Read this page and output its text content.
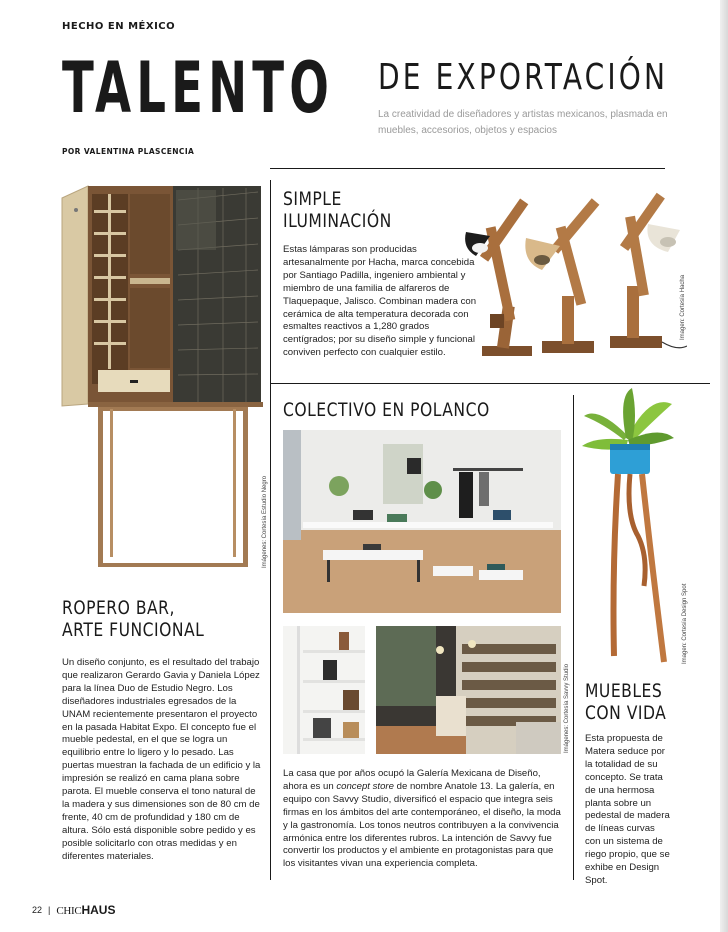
HECHO EN MÉXICO
TALENTO DE EXPORTACIÓN
La creatividad de diseñadores y artistas mexicanos, plasmada en muebles, accesorios, objetos y espacios
POR VALENTINA PLASCENCIA
Imágenes: Cortesía Estudio Negro
SIMPLE
ILUMINACIÓN
Estas lámparas son producidas artesanalmente por Hacha, marca concebida por Santiago Padilla, ingeniero ambiental y miembro de una familia de alfareros de Tlaquepaque, Jalisco. Combinan madera con cerámica de alta temperatura decorada con esmaltes reactivos a 1,280 grados centígrados; por su diseño simple y funcional conviven perfecto con cualquier estilo.
Imagen: Cortesía Hacha
COLECTIVO EN POLANCO
Imágenes: Cortesía Savvy Studio
La casa que por años ocupó la Galería Mexicana de Diseño, ahora es un concept store de nombre Anatole 13. La galería, en equipo con Savvy Studio, diversificó el espacio que integra seis firmas en los ámbitos del arte contemporáneo, el diseño, la moda y la gastronomía. Los tonos neutros contribuyen a la convivencia armónica entre los diferentes rubros. La intención de Savvy fue convertir los productos y el ambiente en protagonistas para que los visitantes vivan una experiencia completa.
ROPERO BAR,
ARTE FUNCIONAL
Un diseño conjunto, es el resultado del trabajo que realizaron Gerardo Gavia y Daniela López para la línea Duo de Estudio Negro. Los diseñadores industriales egresados de la UNAM recientemente presentaron el proyecto en la pasada Habitat Expo. El concepto fue el mueble pedestal, en el que se logra un equilibrio entre lo ligero y lo pesado. Las puertas muestran la fachada de un edificio y la impresión se realizó en cama plana sobre parota. El mueble conserva el tono natural de la madera y sus dimensiones son de 80 cm de frente, 40 cm de profundidad y 180 cm de altura. Sólo está disponible sobre pedido y es posible solicitarlo con otras medidas y en diferentes materiales.
Imagen: Cortesía Design Spot
MUEBLES
CON VIDA
Esta propuesta de Matera seduce por la totalidad de su concepto. Se trata de una hermosa planta sobre un pedestal de madera de líneas curvas con un sistema de riego propio, que se exhibe en Design Spot.
22 | CHICHAUS
